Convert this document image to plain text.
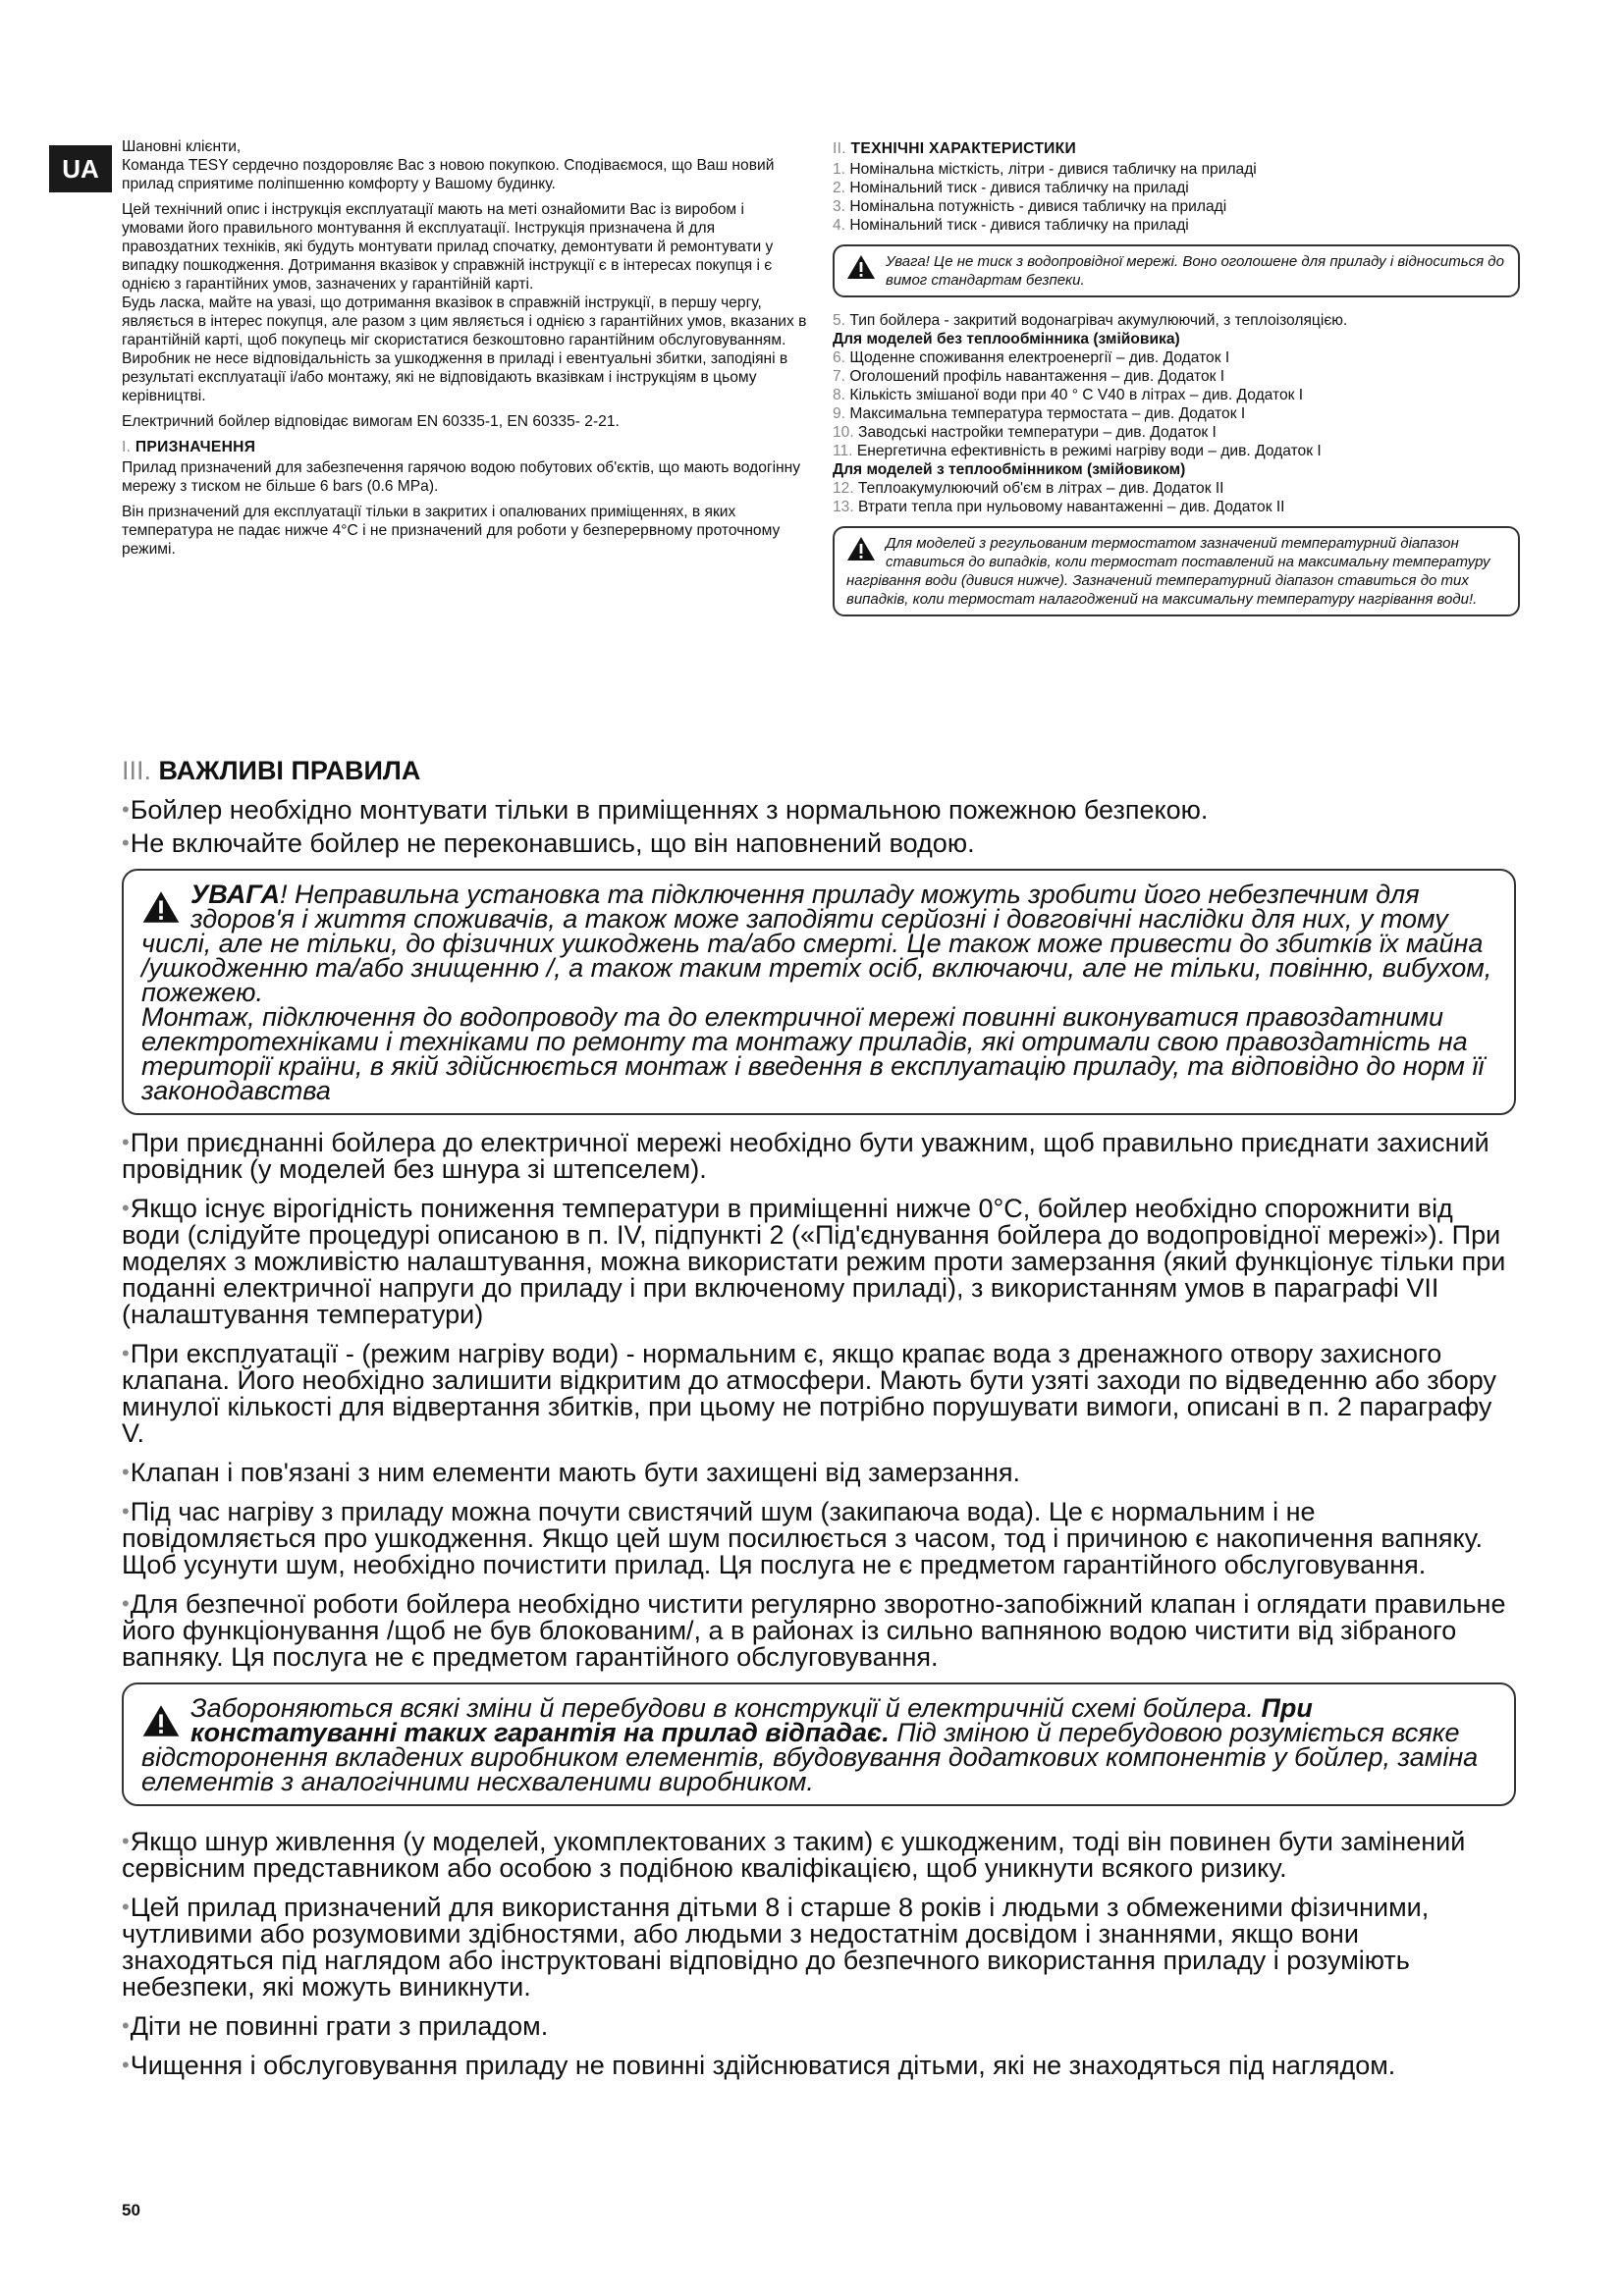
UA

Шановні клієнти,

Команда TESY сердечно поздоровляє Вас з новою покупкою. Сподіваємося, що Ваш новий прилад сприятиме поліпшенню комфорту у Вашому будинку.

Цей технічний опис і інструкція експлуатації мають на меті ознайомити Вас із виробом і умовами його правильного монтування й експлуатації. Інструкція призначена й для правоздатних техніків, які будуть монтувати прилад спочатку, демонтувати й ремонтувати у випадку пошкодження. Дотримання вказівок у справжній інструкції є в інтересах покупця і є однією з гарантійних умов, зазначених у гарантійній карті.

Будь ласка, майте на увазі, що дотримання вказівок в справжній інструкції, в першу чергу, являється в інтерес покупця, але разом з цим являється і однією з гарантійних умов, вказаних в гарантійній карті, щоб покупець міг скористатися безкоштовно гарантійним обслуговуванням. Виробник не несе відповідальність за ушкодження в приладі і евентуальні збитки, заподіяні в результаті експлуатації і/або монтажу, які не відповідають вказівкам і інструкціям в цьому керівництві.

Електричний бойлер відповідає вимогам EN 60335-1, EN 60335- 2-21.

I. ПРИЗНАЧЕННЯ

Прилад призначений для забезпечення гарячою водою побутових об'єктів, що мають водогінну мережу з тиском не більше 6 bars (0.6 MPa).

Він призначений для експлуатації тільки в закритих і опалюваних приміщеннях, в яких температура не падає нижче 4°C і не призначений для роботи у безперервному проточному режимі.

II. ТЕХНІЧНІ ХАРАКТЕРИСТИКИ
1. Номінальна місткість, літри - дивися табличку на приладі
2. Номінальний тиск - дивися табличку на приладі
3. Номінальна потужність - дивися табличку на приладі
4. Номінальний тиск - дивися табличку на приладі
Увага! Це не тиск з водопровідної мережі. Воно оголошене для приладу і відноситься до вимог стандартам безпеки.
5. Тип бойлера - закритий водонагрівач акумулюючий, з теплоізоляцією.
Для моделей без теплообмінника (змійовика)
6. Щоденне споживання електроенергії – див. Додаток І
7. Оголошений профіль навантаження – див. Додаток І
8. Кількість змішаної води при 40 ° С V40 в літрах – див. Додаток І
9. Максимальна температура термостата – див. Додаток І
10. Заводські настройки температури – див. Додаток І
11. Енергетична ефективність в режимі нагріву води – див. Додаток І
Для моделей з теплообмінником (змійовиком)
12. Теплоакумулюючий об'єм в літрах – див. Додаток ІІ
13. Втрати тепла при нульовому навантаженні – див. Додаток ІІ
Для моделей з регульованим термостатом зазначений температурний діапазон ставиться до випадків, коли термостат поставлений на максимальну температуру нагрівання води (дивися нижче). Зазначений температурний діапазон ставиться до тих випадків, коли термостат налагоджений на максимальну температуру нагрівання води!.
III. ВАЖЛИВІ ПРАВИЛА
•Бойлер необхідно монтувати тільки в приміщеннях з нормальною пожежною безпекою.
•Не включайте бойлер не переконавшись, що він наповнений водою.
УВАГА! Неправильна установка та підключення приладу можуть зробити його небезпечним для здоров'я і життя споживачів, а також може заподіяти серйозні і довговічні наслідки для них, у тому числі, але не тільки, до фізичних ушкоджень та/або смерті. Це також може привести до збитків їх майна /ушкодженню та/або знищенню /, а також таким третіх осіб, включаючи, але не тільки, повінню, вибухом, пожежею.
Монтаж, підключення до водопроводу та до електричної мережі повинні виконуватися правоздатними електротехніками і техніками по ремонту та монтажу приладів, які отримали свою правоздатність на території країни, в якій здійснюється монтаж і введення в експлуатацію приладу, та відповідно до норм її законодавства
•При приєднанні бойлера до електричної мережі необхідно бути уважним, щоб правильно приєднати захисний провідник (у моделей без шнура зі штепселем).
•Якщо існує вірогідність пониження температури в приміщенні нижче 0°C, бойлер необхідно спорожнити від води (слідуйте процедурі описаною в п. IV, підпункті 2 («Під'єднування бойлера до водопровідної мережі»). При моделях з можливістю налаштування, можна використати режим проти замерзання (який функціонує тільки при поданні електричної напруги до приладу і при включеному приладі), з використанням умов в параграфі VII (налаштування температури)
•При експлуатації - (режим нагріву води) - нормальним є, якщо крапає вода з дренажного отвору захисного клапана. Його необхідно залишити відкритим до атмосфери. Мають бути узяті заходи по відведенню або збору минулої кількості для відвертання збитків, при цьому не потрібно порушувати вимоги, описані в п. 2 параграфу V.
•Клапан і пов'язані з ним елементи мають бути захищені від замерзання.
•Під час нагріву з приладу можна почути свистячий шум (закипаюча вода). Це є нормальним і не повідомляється про ушкодження. Якщо цей шум посилюється з часом, тод і причиною є накопичення вапняку. Щоб усунути шум, необхідно почистити прилад. Ця послуга не є предметом гарантійного обслуговування.
•Для безпечної роботи бойлера необхідно чистити регулярно зворотно-запобіжний клапан і оглядати правильне його функціонування /щоб не був блокованим/, а в районах із сильно вапняною водою чистити від зібраного вапняку. Ця послуга не є предметом гарантійного обслуговування.
Забороняються всякі зміни й перебудови в конструкції й електричній схемі бойлера. При констатуванні таких гарантія на прилад відпадає. Під зміною й перебудовою розуміється всяке відсторонення вкладених виробником елементів, вбудовування додаткових компонентів у бойлер, заміна елементів з аналогічними несхваленими виробником.
•Якщо шнур живлення (у моделей, укомплектованих з таким) є ушкодженим, тоді він повинен бути замінений сервісним представником або особою з подібною кваліфікацією, щоб уникнути всякого ризику.
•Цей прилад призначений для використання дітьми 8 і старше 8 років і людьми з обмеженими фізичними, чутливими або розумовими здібностями, або людьми з недостатнім досвідом і знаннями, якщо вони знаходяться під наглядом або інструктовані відповідно до безпечного використання приладу і розуміють небезпеки, які можуть виникнути.
•Діти не повинні грати з приладом.
•Чищення і обслуговування приладу не повинні здійснюватися дітьми, які не знаходяться під наглядом.
50
